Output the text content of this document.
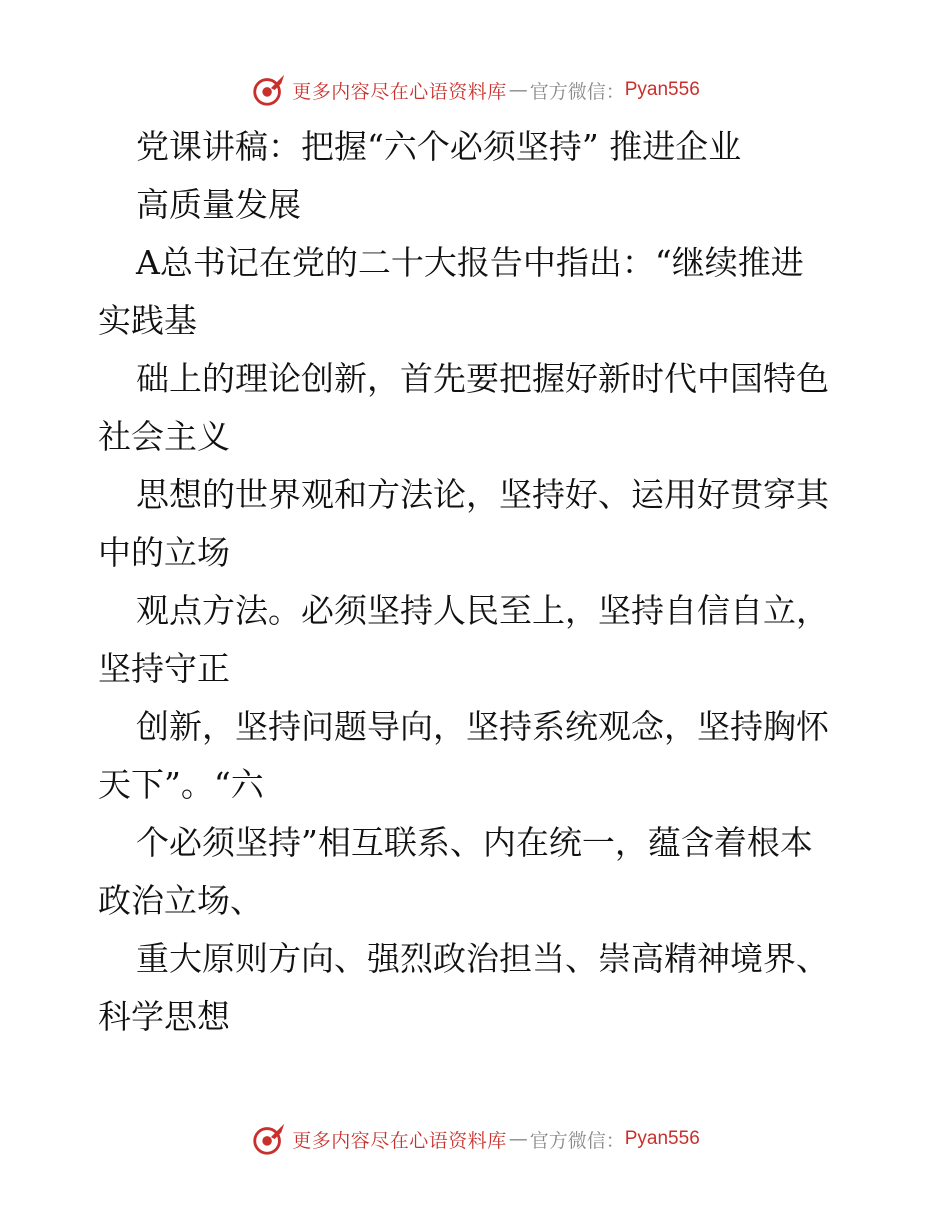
更多内容尽在心语资料库 — 官方微信： Pyan556
党课讲稿：把握“六个必须坚持” 推进企业
高质量发展
A总书记在党的二十大报告中指出：“继续推进
实践基
础上的理论创新，首先要把握好新时代中国特色
社会主义
思想的世界观和方法论，坚持好、运用好贯穿其
中的立场
观点方法。必须坚持人民至上，坚持自信自立，
坚持守正
创新，坚持问题导向，坚持系统观念，坚持胸怀
天下”。“六
个必须坚持”相互联系、内在统一，蕴含着根本
政治立场、
重大原则方向、强烈政治担当、崇高精神境界、
科学思想
更多内容尽在心语资料库 — 官方微信： Pyan556
